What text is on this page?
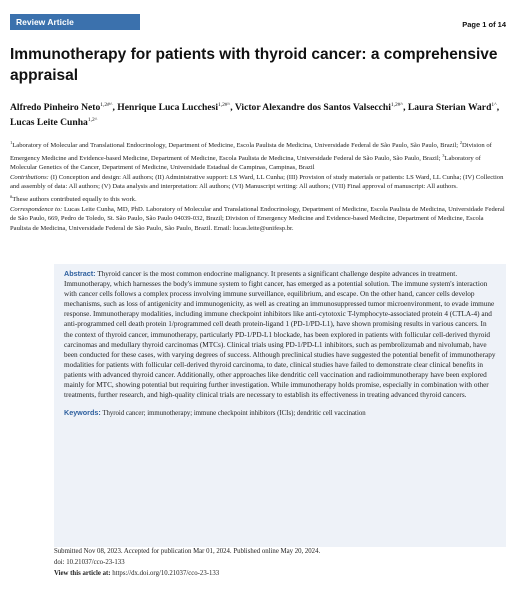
Review Article	Page 1 of 14
Immunotherapy for patients with thyroid cancer: a comprehensive appraisal
Alfredo Pinheiro Neto$^{1,2\#\^{}}$, Henrique Luca Lucchesi$^{1,2\#\^{}}$, Victor Alexandre dos Santos Valsecchi$^{1,2\#\^{}}$, Laura Sterian Ward$^{1\^{}}$, Lucas Leite Cunha$^{1,2\^{}}$

$^1$Laboratory of Molecular and Translational Endocrinology, Department of Medicine, Escola Paulista de Medicina, Universidade Federal de São Paulo, São Paulo, Brazil; $^2$Division of Emergency Medicine and Evidence-based Medicine, Department of Medicine, Escola Paulista de Medicina, Universidade Federal de São Paulo, São Paulo, Brazil; $^3$Laboratory of Molecular Genetics of the Cancer, Department of Medicine, Universidade Estadual de Campinas, Campinas, Brazil

Contributions: (I) Conception and design: All authors; (II) Administrative support: LS Ward, LL Cunha; (III) Provision of study materials or patients: LS Ward, LL Cunha; (IV) Collection and assembly of data: All authors; (V) Data analysis and interpretation: All authors; (VI) Manuscript writing: All authors; (VII) Final approval of manuscript: All authors.

#These authors contributed equally to this work.

Correspondence to: Lucas Leite Cunha, MD, PhD. Laboratory of Molecular and Translational Endocrinology, Department of Medicine, Escola Paulista de Medicina, Universidade Federal de São Paulo, 669, Pedro de Toledo, St. São Paulo, São Paulo 04039-032, Brazil; Division of Emergency Medicine and Evidence-based Medicine, Department of Medicine, Escola Paulista de Medicina, Universidade Federal de São Paulo, São Paulo, Brazil. Email: lucas.leite@unifesp.br.

Abstract: Thyroid cancer is the most common endocrine malignancy. It presents a significant challenge despite advances in treatment. Immunotherapy, which harnesses the body's immune system to fight cancer, has emerged as a potential solution. The immune system's interaction with cancer cells follows a complex process involving immune surveillance, equilibrium, and escape. On the other hand, cancer cells develop mechanisms, such as loss of antigenicity and immunogenicity, as well as creating an immunosuppressed tumor microenvironment, to evade immune response. Immunotherapy modalities, including immune checkpoint inhibitors like anti-cytotoxic T-lymphocyte-associated protein 4 (CTLA-4) and anti-programmed cell death protein 1/programmed cell death protein-ligand 1 (PD-1/PD-L1), have shown promising results in various cancers. In the context of thyroid cancer, immunotherapy, particularly PD-1/PD-L1 blockade, has been explored in patients with follicular cell-derived thyroid carcinomas and medullary thyroid carcinomas (MTCs). Clinical trials using PD-1/PD-L1 inhibitors, such as pembrolizumab and nivolumab, have been conducted for these cases, with varying degrees of success. Although preclinical studies have suggested the potential benefit of immunotherapy modalities for patients with follicular cell-derived thyroid carcinoma, to date, clinical studies have failed to demonstrate clear clinical benefits in patients with advanced thyroid cancer. Additionally, other approaches like dendritic cell vaccination and radioimmunotherapy have been explored mainly for MTC, showing potential but requiring further investigation. While immunotherapy holds promise, especially in combination with other treatments, further research, and high-quality clinical trials are necessary to establish its effectiveness in treating advanced thyroid cancers.

Keywords: Thyroid cancer; immunotherapy; immune checkpoint inhibitors (ICIs); dendritic cell vaccination

Submitted Nov 08, 2023. Accepted for publication Mar 01, 2024. Published online May 20, 2024.

doi: 10.21037/cco-23-133

View this article at: https://dx.doi.org/10.21037/cco-23-133
